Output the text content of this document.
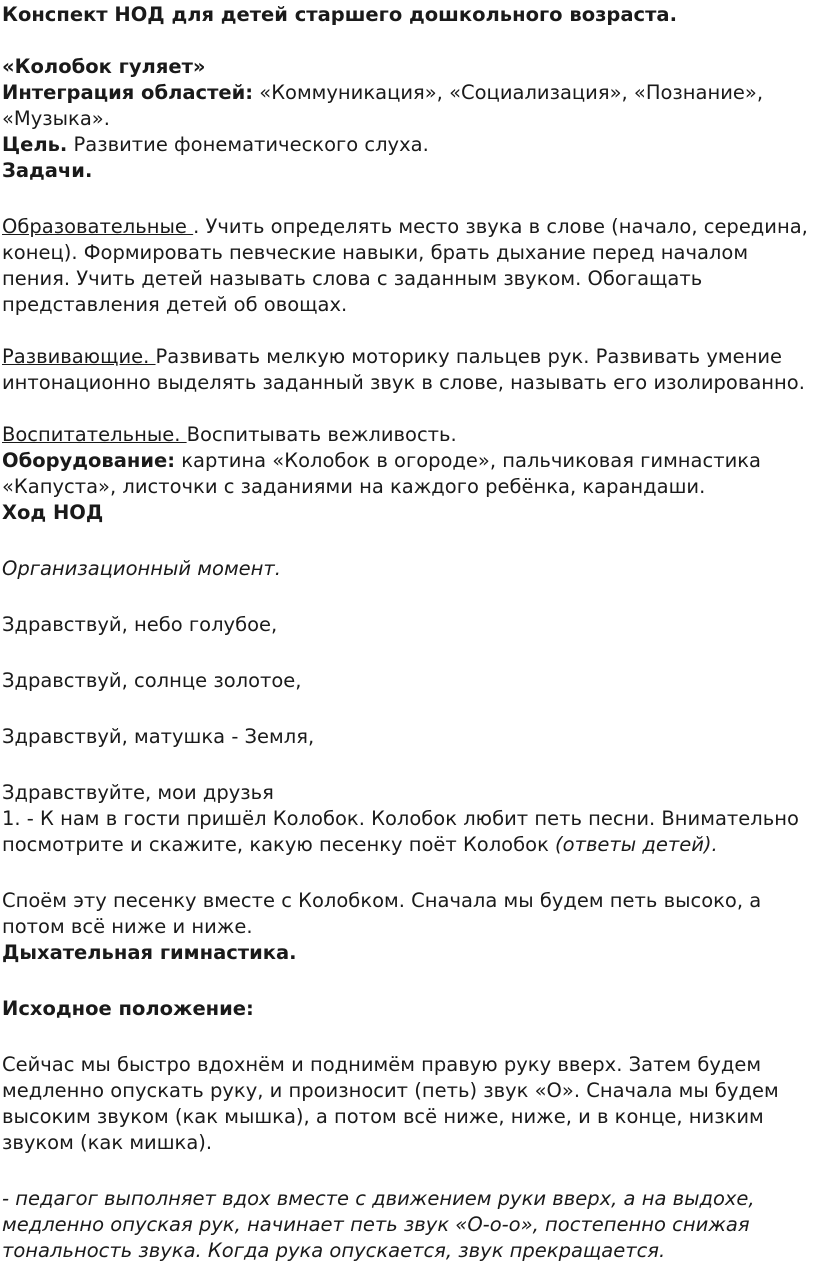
Конспект НОД для детей старшего дошкольного возраста.

«Колобок гуляет»

Интеграция областей: «Коммуникация», «Социализация», «Познание», «Музыка».

Цель. Развитие фонематического слуха.

Задачи.

Образовательные . Учить определять место звука в слове (начало, середина, конец). Формировать певческие навыки, брать дыхание перед началом пения. Учить детей называть слова с заданным звуком. Обогащать представления детей об овощах.

Развивающие. Развивать мелкую моторику пальцев рук. Развивать умение интонационно выделять заданный звук в слове, называть его изолированно.

Воспитательные. Воспитывать вежливость.

Оборудование: картина «Колобок в огороде», пальчиковая гимнастика «Капуста», листочки с заданиями на каждого ребёнка, карандаши.

Ход НОД

Организационный момент.

Здравствуй, небо голубое,

Здравствуй, солнце золотое,

Здравствуй, матушка - Земля,

Здравствуйте, мои друзья

1. - К нам в гости пришёл Колобок. Колобок любит петь песни. Внимательно посмотрите и скажите, какую песенку поёт Колобок (ответы детей).

Споём эту песенку вместе с Колобком. Сначала мы будем петь высоко, а потом всё ниже и ниже.

Дыхательная гимнастика.

Исходное положение:

Сейчас мы быстро вдохнём и поднимём правую руку вверх. Затем будем медленно опускать руку, и произносит (петь) звук «О». Сначала мы будем высоким звуком (как мышка), а потом всё ниже, ниже, и в конце, низким звуком (как мишка).

- педагог выполняет вдох вместе с движением руки вверх, а на выдохе, медленно опуская рук, начинает петь звук «О-о-о», постепенно снижая тональность звука. Когда рука опускается, звук прекращается.
